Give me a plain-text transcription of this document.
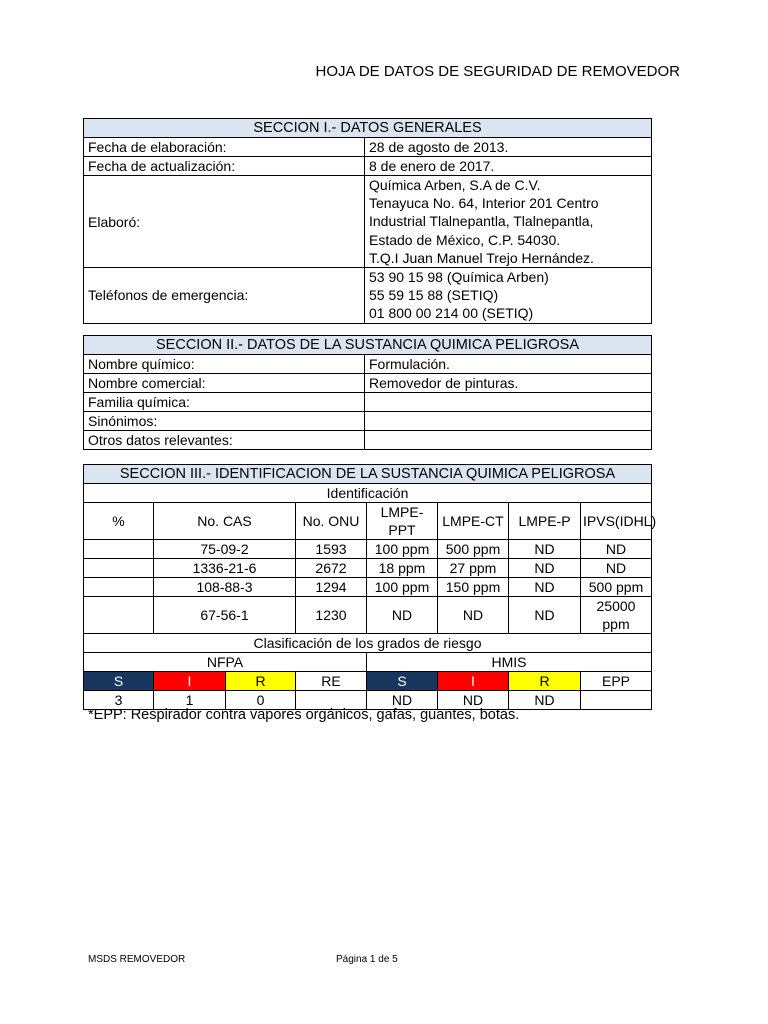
HOJA DE DATOS DE SEGURIDAD DE REMOVEDOR
SECCION I.- DATOS GENERALES	
Fecha de elaboración:	28 de agosto de 2013.
Fecha de actualización:	8 de enero de 2017.
Elaboró:	Química Arben, S.A de C.V.
Tenayuca No. 64, Interior 201 Centro
Industrial Tlalnepantla, Tlalnepantla,
Estado de México, C.P. 54030.
T.Q.I Juan Manuel Trejo Hernández.

Teléfonos de emergencia:	53 90 15 98 (Química Arben)
55 59 15 88 (SETIQ)
01 800 00 214 00 (SETIQ)
SECCION II.- DATOS DE LA SUSTANCIA QUIMICA PELIGROSA	
Nombre químico:	Formulación.
Nombre comercial:	Removedor de pinturas.
Familia química:	
Sinónimos:	
Otros datos relevantes:	
SECCION III.- IDENTIFICACION DE LA SUSTANCIA QUIMICA PELIGROSA							
Identificación							
%	No. CAS		No. ONU	LMPE-PPT	LMPE-CT	LMPE-P	IPVS(IDHL)
	75-09-2		1593	100 ppm	500 ppm	ND	ND
	1336-21-6		2672	18 ppm	27 ppm	ND	ND
	108-88-3		1294	100 ppm	150 ppm	ND	500 ppm
	67-56-1		1230	ND	ND	ND	25000 ppm
Clasificación de los grados de riesgo							
NFPA				HMIS			
S	I	R	RE	S	I	R	EPP
3	1	0		ND	ND	ND	
*EPP: Respirador contra vapores orgánicos, gafas, guantes, botas.
MSDS REMOVEDOR	Página 1 de 5
